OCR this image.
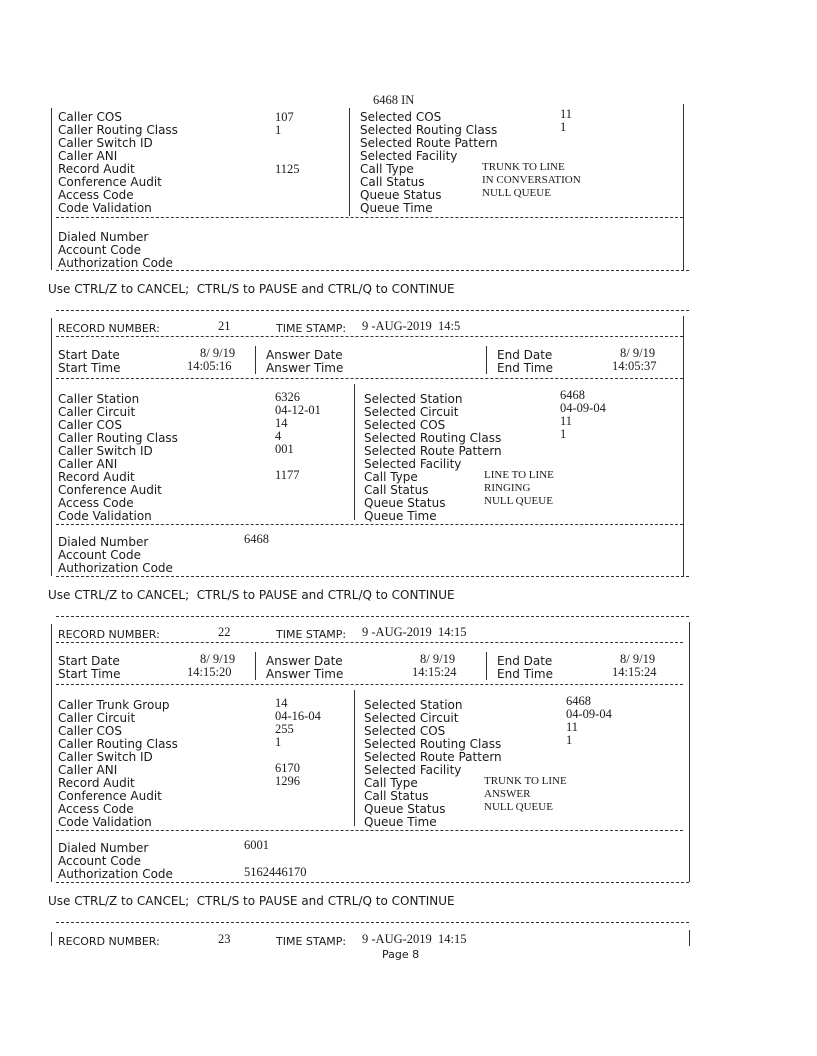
6468 IN
Caller COS	107
Caller Routing Class	1
Caller Switch ID
Caller ANI
Record Audit	1125
Conference Audit
Access Code
Code Validation
Selected COS	11
Selected Routing Class	1
Selected Route Pattern
Selected Facility
Call Type	TRUNK TO LINE
Call Status	IN CONVERSATION
Queue Status	NULL QUEUE
Queue Time
Dialed Number
Account Code
Authorization Code
Use CTRL/Z to CANCEL;  CTRL/S to PAUSE and CTRL/Q to CONTINUE
RECORD NUMBER:	21	TIME STAMP: 9 -AUG-2019  14:5
Start Date	8/ 9/19
Start Time	14:05:16
Answer Date
Answer Time
End Date	8/ 9/19
End Time	14:05:37
Caller Station	6326
Caller Circuit	04-12-01
Caller COS	14
Caller Routing Class	4
Caller Switch ID	001
Caller ANI
Record Audit	1177
Conference Audit
Access Code
Code Validation
Selected Station	6468
Selected Circuit	04-09-04
Selected COS	11
Selected Routing Class	1
Selected Route Pattern
Selected Facility
Call Type	LINE TO LINE
Call Status	RINGING
Queue Status	NULL QUEUE
Queue Time
Dialed Number	6468
Account Code
Authorization Code
Use CTRL/Z to CANCEL;  CTRL/S to PAUSE and CTRL/Q to CONTINUE
RECORD NUMBER:	22	TIME STAMP: 9 -AUG-2019  14:15
Start Date	8/ 9/19
Start Time	14:15:20
Answer Date	8/ 9/19
Answer Time	14:15:24
End Date	8/ 9/19
End Time	14:15:24
Caller Trunk Group	14
Caller Circuit	04-16-04
Caller COS	255
Caller Routing Class	1
Caller Switch ID
Caller ANI	6170
Record Audit	1296
Conference Audit
Access Code
Code Validation
Selected Station	6468
Selected Circuit	04-09-04
Selected COS	11
Selected Routing Class	1
Selected Route Pattern
Selected Facility
Call Type	TRUNK TO LINE
Call Status	ANSWER
Queue Status	NULL QUEUE
Queue Time
Dialed Number	6001
Account Code
Authorization Code	5162446170
Use CTRL/Z to CANCEL;  CTRL/S to PAUSE and CTRL/Q to CONTINUE
RECORD NUMBER:	23	TIME STAMP: 9 -AUG-2019  14:15
Page 8
